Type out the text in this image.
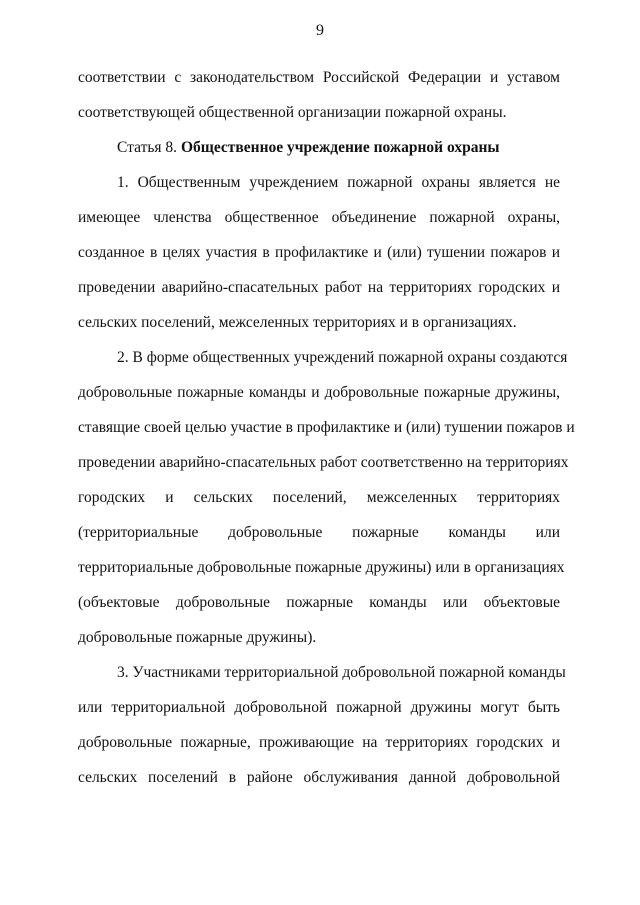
9
соответствии с законодательством Российской Федерации и уставом
соответствующей общественной организации пожарной охраны.
Статья 8. Общественное учреждение пожарной охраны
1. Общественным учреждением пожарной охраны является не
имеющее членства общественное объединение пожарной охраны,
созданное в целях участия в профилактике и (или) тушении пожаров и
проведении аварийно-спасательных работ на территориях городских и
сельских поселений, межселенных территориях и в организациях.
2. В форме общественных учреждений пожарной охраны создаются
добровольные пожарные команды и добровольные пожарные дружины,
ставящие своей целью участие в профилактике и (или) тушении пожаров и
проведении аварийно-спасательных работ соответственно на территориях
городских и сельских поселений, межселенных территориях
(территориальные добровольные пожарные команды или
территориальные добровольные пожарные дружины) или в организациях
(объектовые добровольные пожарные команды или объектовые
добровольные пожарные дружины).
3. Участниками территориальной добровольной пожарной команды
или территориальной добровольной пожарной дружины могут быть
добровольные пожарные, проживающие на территориях городских и
сельских поселений в районе обслуживания данной добровольной
